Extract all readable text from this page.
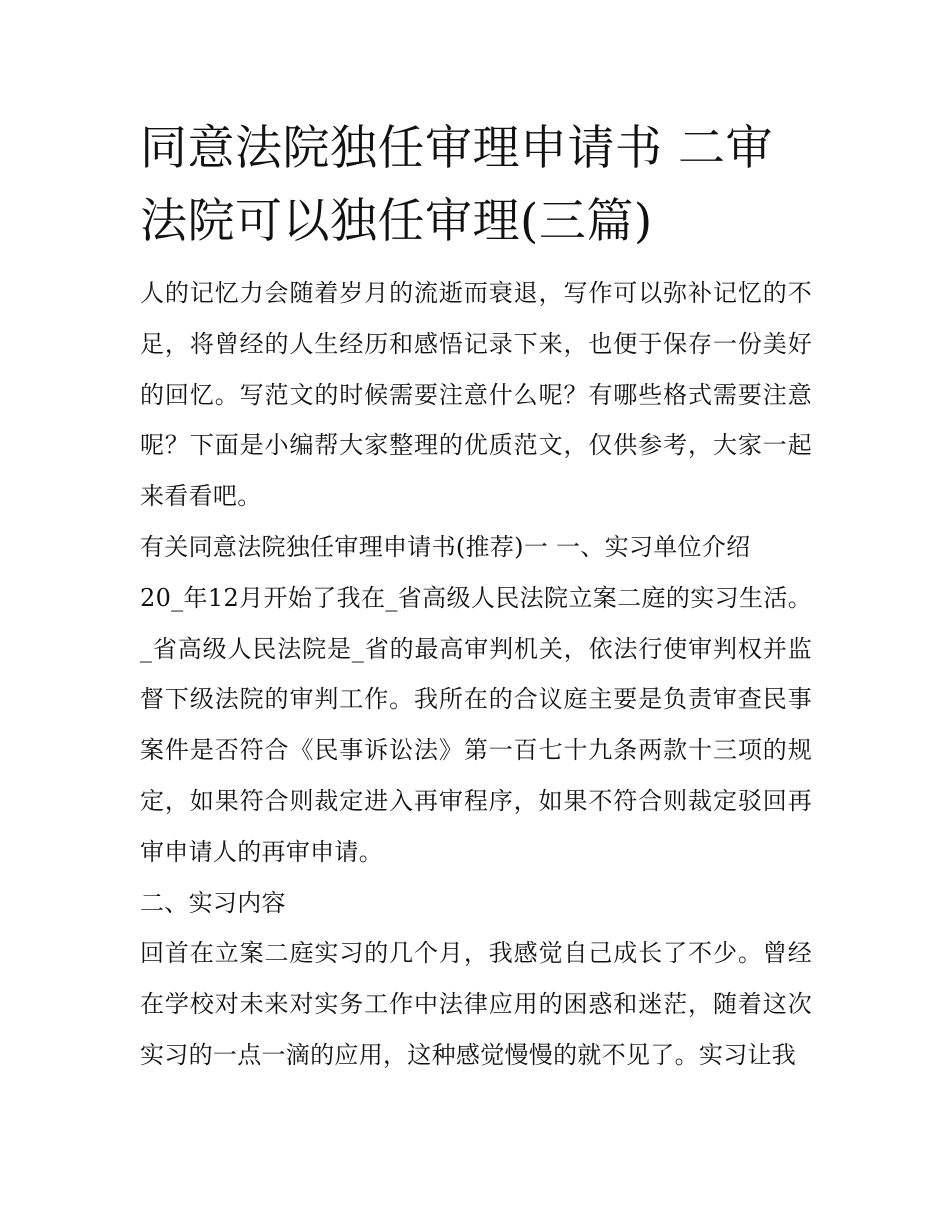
同意法院独任审理申请书 二审
法院可以独任审理(三篇)

人的记忆力会随着岁月的流逝而衰退，写作可以弥补记忆的不足，将曾经的人生经历和感悟记录下来，也便于保存一份美好的回忆。写范文的时候需要注意什么呢？有哪些格式需要注意呢？下面是小编帮大家整理的优质范文，仅供参考，大家一起来看看吧。

有关同意法院独任审理申请书(推荐)一 一、实习单位介绍

20_年12月开始了我在_省高级人民法院立案二庭的实习生活。_省高级人民法院是_省的最高审判机关，依法行使审判权并监督下级法院的审判工作。我所在的合议庭主要是负责审查民事案件是否符合《民事诉讼法》第一百七十九条两款十三项的规定，如果符合则裁定进入再审程序，如果不符合则裁定驳回再审申请人的再审申请。

二、实习内容

回首在立案二庭实习的几个月，我感觉自己成长了不少。曾经在学校对未来对实务工作中法律应用的困惑和迷茫，随着这次实习的一点一滴的应用，这种感觉慢慢的就不见了。实习让我
